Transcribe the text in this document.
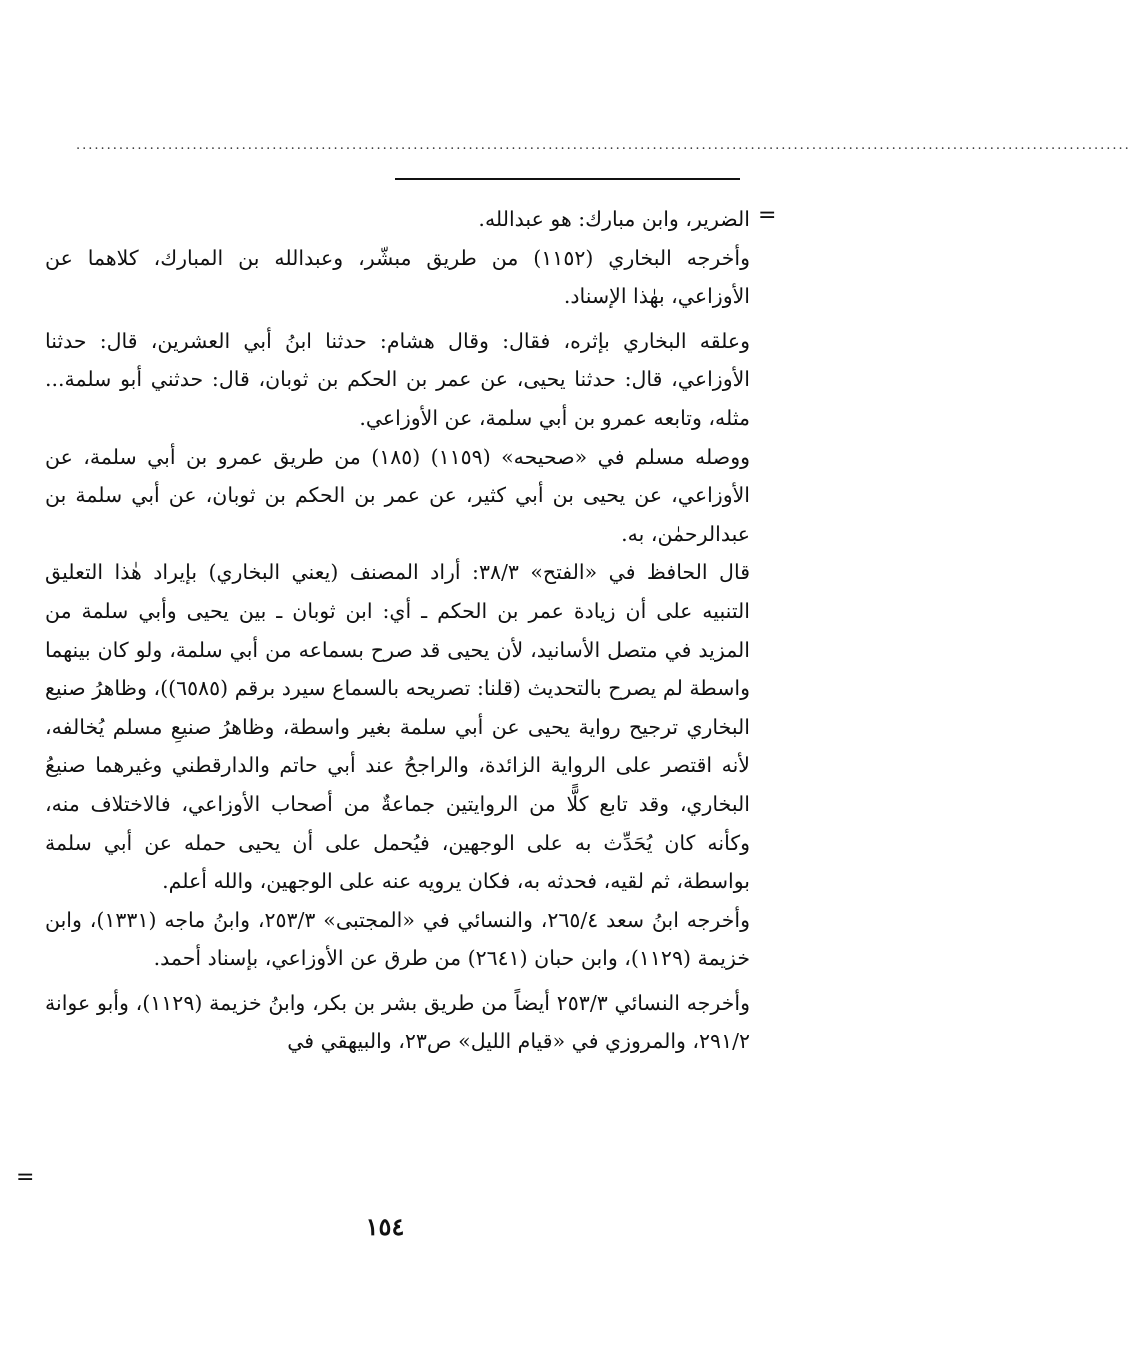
............................................................................................................................................................................
=
=

الضرير، وابن مبارك: هو عبدالله.

وأخرجه البخاري (١١٥٢) من طريق مبشّر، وعبدالله بن المبارك، كلاهما عن الأوزاعي، بهٰذا الإسناد.

وعلقه البخاري بإثره، فقال: وقال هشام: حدثنا ابنُ أبي العشرين، قال: حدثنا الأوزاعي، قال: حدثنا يحيى، عن عمر بن الحكم بن ثوبان، قال: حدثني أبو سلمة... مثله، وتابعه عمرو بن أبي سلمة، عن الأوزاعي.

ووصله مسلم في «صحيحه» (١١٥٩) (١٨٥) من طريق عمرو بن أبي سلمة، عن الأوزاعي، عن يحيى بن أبي كثير، عن عمر بن الحكم بن ثوبان، عن أبي سلمة بن عبدالرحمٰن، به.

قال الحافظ في «الفتح» ٣٨/٣: أراد المصنف (يعني البخاري) بإيراد هٰذا التعليق التنبيه على أن زيادة عمر بن الحكم ـ أي: ابن ثوبان ـ بين يحيى وأبي سلمة من المزيد في متصل الأسانيد، لأن يحيى قد صرح بسماعه من أبي سلمة، ولو كان بينهما واسطة لم يصرح بالتحديث (قلنا: تصريحه بالسماع سيرد برقم (٦٥٨٥))، وظاهرُ صنيع البخاري ترجيح رواية يحيى عن أبي سلمة بغير واسطة، وظاهرُ صنيعِ مسلم يُخالفه، لأنه اقتصر على الرواية الزائدة، والراجحُ عند أبي حاتم والدارقطني وغيرهما صنيعُ البخاري، وقد تابع كلًّا من الروايتين جماعةٌ من أصحاب الأوزاعي، فالاختلاف منه، وكأنه كان يُحَدِّث به على الوجهين، فيُحمل على أن يحيى حمله عن أبي سلمة بواسطة، ثم لقيه، فحدثه به، فكان يرويه عنه على الوجهين، والله أعلم.

وأخرجه ابنُ سعد ٢٦٥/٤، والنسائي في «المجتبى» ٢٥٣/٣، وابنُ ماجه (١٣٣١)، وابن خزيمة (١١٢٩)، وابن حبان (٢٦٤١) من طرق عن الأوزاعي، بإسناد أحمد.

وأخرجه النسائي ٢٥٣/٣ أيضاً من طريق بشر بن بكر، وابنُ خزيمة (١١٢٩)، وأبو عوانة ٢٩١/٢، والمروزي في «قيام الليل» ص٢٣، والبيهقي في

١٥٤
